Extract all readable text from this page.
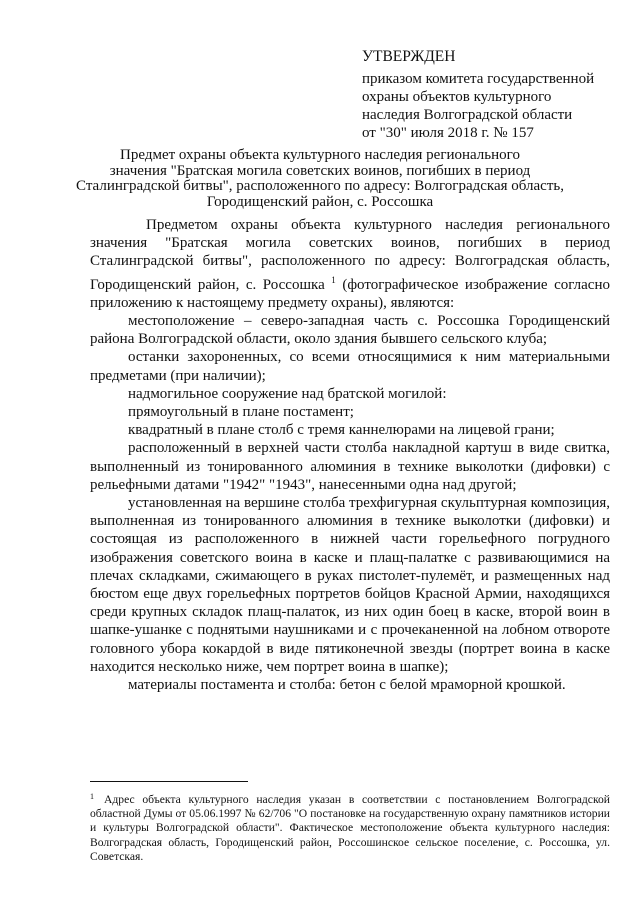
УТВЕРЖДЕН
приказом комитета государственной
охраны объектов культурного
наследия Волгоградской области
от "30" июля 2018 г. № 157
Предмет охраны объекта культурного наследия регионального
значения "Братская могила советских воинов, погибших в период
Сталинградской битвы", расположенного по адресу: Волгоградская область,
Городищенский район, с. Россошка

Предметом охраны объекта культурного наследия регионального значения "Братская могила советских воинов, погибших в период Сталинградской битвы", расположенного по адресу: Волгоградская область, Городищенский район, с. Россошка $^1$ (фотографическое изображение согласно приложению к настоящему предмету охраны), являются:

местоположение – северо-западная часть с. Россошка Городищенский района Волгоградской области, около здания бывшего сельского клуба;

останки захороненных, со всеми относящимися к ним материальными предметами (при наличии);

надмогильное сооружение над братской могилой:

прямоугольный в плане постамент;

квадратный в плане столб с тремя каннелюрами на лицевой грани;

расположенный в верхней части столба накладной картуш в виде свитка, выполненный из тонированного алюминия в технике выколотки (дифовки) с рельефными датами "1942" "1943", нанесенными одна над другой;

установленная на вершине столба трехфигурная скульптурная композиция, выполненная из тонированного алюминия в технике выколотки (дифовки) и состоящая из расположенного в нижней части горельефного погрудного изображения советского воина в каске и плащ-палатке с развивающимися на плечах складками, сжимающего в руках пистолет-пулемёт, и размещенных над бюстом еще двух горельефных портретов бойцов Красной Армии, находящихся среди крупных складок плащ-палаток, из них один боец в каске, второй воин в шапке-ушанке с поднятыми наушниками и с прочеканенной на лобном отвороте головного убора кокардой в виде пятиконечной звезды (портрет воина в каске находится несколько ниже, чем портрет воина в шапке);

материалы постамента и столба: бетон с белой мраморной крошкой.

$^1$ Адрес объекта культурного наследия указан в соответствии с постановлением Волгоградской областной Думы от 05.06.1997 № 62/706 "О постановке на государственную охрану памятников истории и культуры Волгоградской области". Фактическое местоположение объекта культурного наследия: Волгоградская область, Городищенский район, Россошинское сельское поселение, с. Россошка, ул. Советская.
